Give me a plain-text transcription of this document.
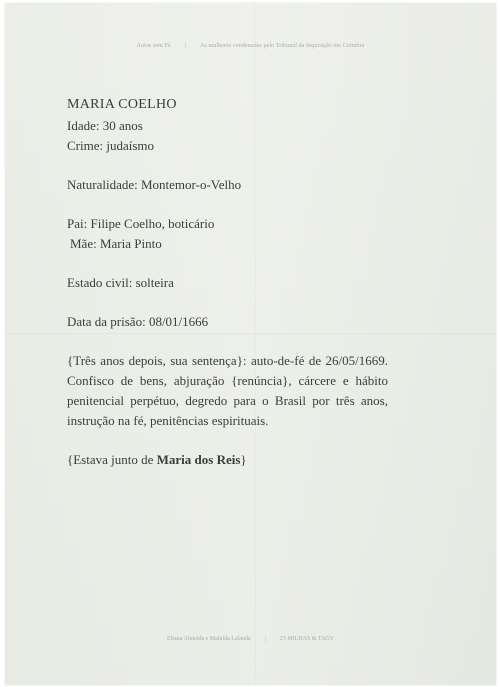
Autos sem Fé | As mulheres condenadas pelo Tribunal da Inquisição em Coimbra

MARIA COELHO

Idade: 30 anos

Crime: judaísmo

Naturalidade: Montemor-o-Velho

Pai: Filipe Coelho, boticário

Mãe: Maria Pinto

Estado civil: solteira

Data da prisão: 08/01/1666

{Três anos depois, sua sentença}: auto-de-fé de 26/05/1669. Confisco de bens, abjuração {renúncia}, cárcere e hábito penitencial perpétuo, degredo para o Brasil por três anos, instrução na fé, penitências espirituais.

{Estava junto de Maria dos Reis}

Eliana Almeida e Mafalda Lalanda | 23 MILHAS & TAGV
